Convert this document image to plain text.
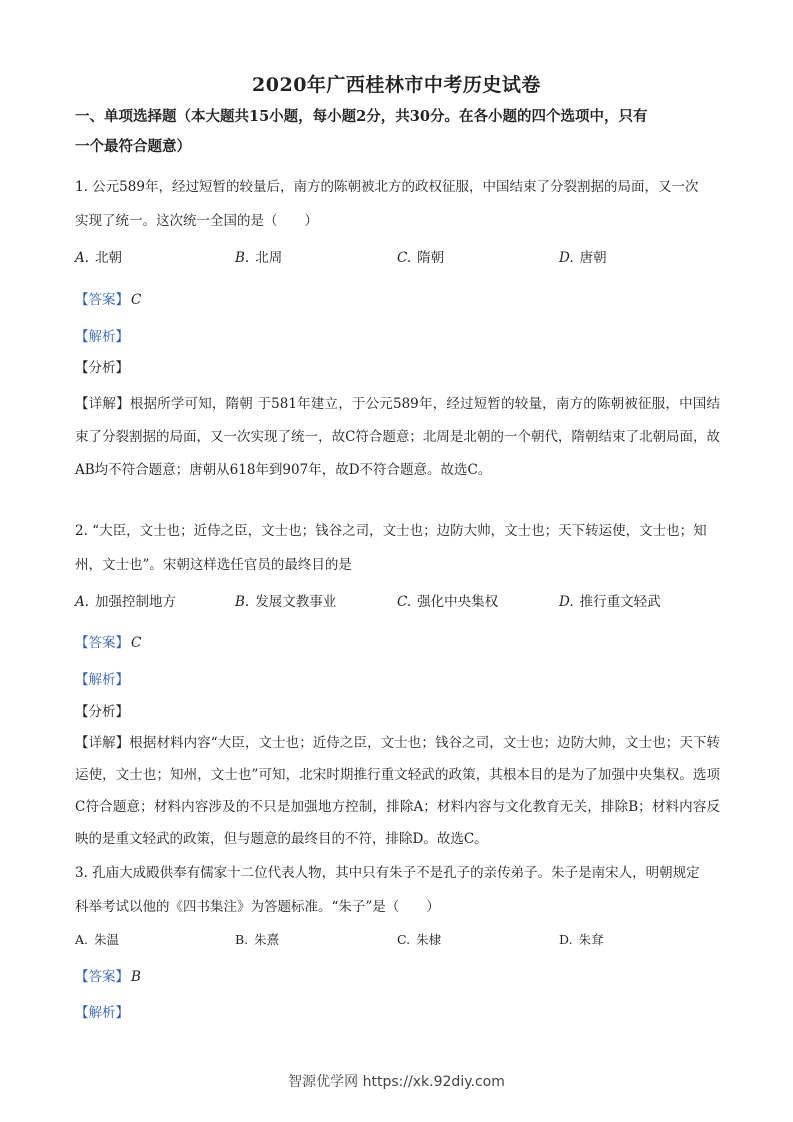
2020年广西桂林市中考历史试卷
一、单项选择题（本大题共15小题，每小题2分，共30分。在各小题的四个选项中，只有
一个最符合题意）
1. 公元589年，经过短暂的较量后，南方的陈朝被北方的政权征服，中国结束了分裂割据的局面，又一次
实现了统一。这次统一全国的是（　　）
A. 北朝	B. 北周	C. 隋朝	D. 唐朝
【答案】 C
【解析】
【分析】
【详解】根据所学可知，隋朝 于581年建立，于公元589年，经过短暂的较量，南方的陈朝被征服，中国结束了分裂割据的局面，又一次实现了统一，故C符合题意；北周是北朝的一个朝代，隋朝结束了北朝局面，故AB均不符合题意；唐朝从618年到907年，故D不符合题意。故选C。
2. “大臣，文士也；近侍之臣，文士也；钱谷之司，文士也；边防大帅，文士也；天下转运使，文士也；知
州，文士也”。宋朝这样选任官员的最终目的是
A. 加强控制地方	B. 发展文教事业	C. 强化中央集权	D. 推行重文轻武
【答案】 C
【解析】
【分析】
【详解】根据材料内容“大臣，文士也；近侍之臣，文士也；钱谷之司，文士也；边防大帅，文士也；天下转运使，文士也；知州，文士也”可知，北宋时期推行重文轻武的政策，其根本目的是为了加强中央集权。选项C符合题意；材料内容涉及的不只是加强地方控制，排除A；材料内容与文化教育无关，排除B；材料内容反映的是重文轻武的政策，但与题意的最终目的不符，排除D。故选C。
3. 孔庙大成殿供奉有儒家十二位代表人物，其中只有朱子不是孔子的亲传弟子。朱子是南宋人，明朝规定
科举考试以他的《四书集注》为答题标准。“朱子”是（　　）
A. 朱温	B. 朱熹	C. 朱棣	D. 朱耷
【答案】 B
【解析】
智源优学网 https://xk.92diy.com
